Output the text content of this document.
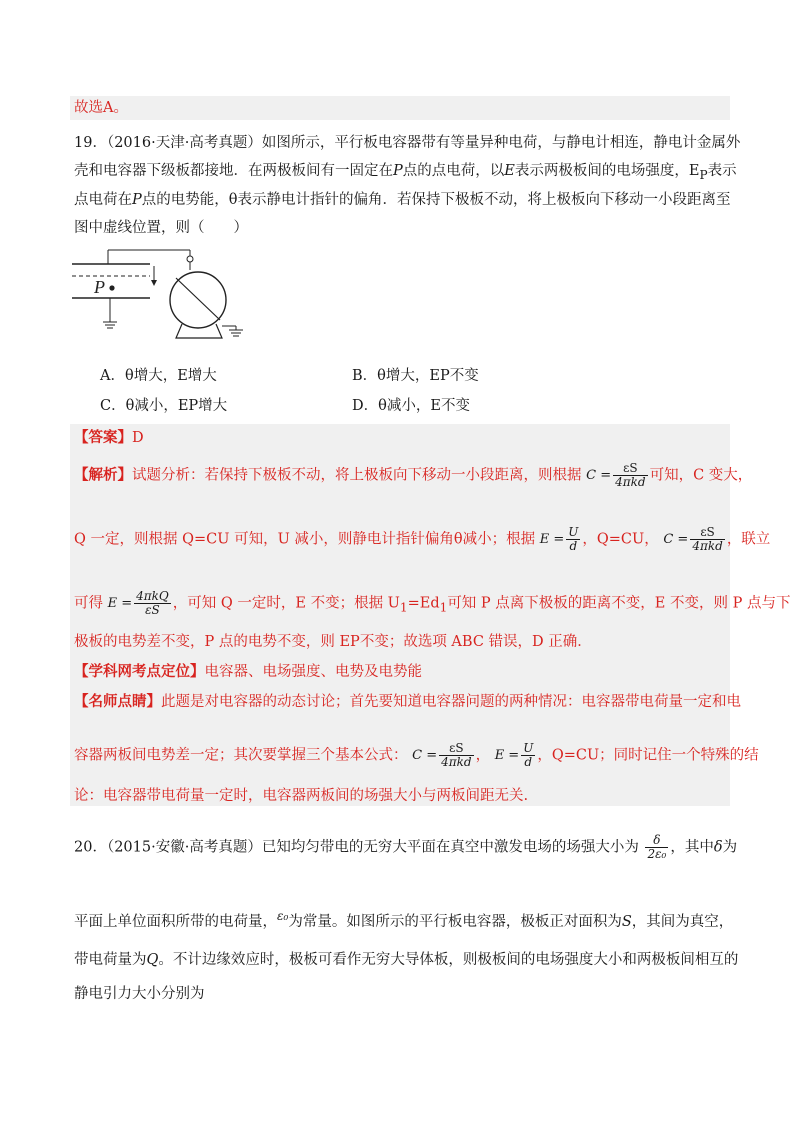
故选A。
19．（2016·天津·高考真题）如图所示，平行板电容器带有等量异种电荷，与静电计相连，静电计金属外
壳和电容器下级板都接地．在两极板间有一固定在P点的点电荷，以E表示两极板间的电场强度，$E_P$表示
点电荷在P点的电势能，θ表示静电计指针的偏角．若保持下极板不动，将上极板向下移动一小段距离至
图中虚线位置，则（　　）
P
A．θ增大，E增大	B．θ增大，EP不变
C．θ减小，EP增大	D．θ减小，E不变
【答案】D
【解析】试题分析：若保持下极板不动，将上极板向下移动一小段距离，则根据 $C = \frac{\varepsilon S}{\text{4πkd}}$ 可知，C 变大，
Q 一定，则根据 Q=CU 可知，U 减小，则静电计指针偏角θ减小；根据 $E = \frac{U}{d}$ ，Q=CU， $C = \frac{\varepsilon S}{\text{4πkd}}$ ，联立
可得 $E = \frac{\text{4πkQ}}{\varepsilon S}$ ，可知 Q 一定时，E 不变；根据 $U_1=Ed_1$可知 P 点离下极板的距离不变，E 不变，则 P 点与下
极板的电势差不变，P 点的电势不变，则 EP不变；故选项 ABC 错误，D 正确．
【学科网考点定位】电容器、电场强度、电势及电势能
【名师点睛】此题是对电容器的动态讨论；首先要知道电容器问题的两种情况：电容器带电荷量一定和电
容器两板间电势差一定；其次要掌握三个基本公式： $C = \frac{\varepsilon S}{\text{4πkd}}$ ， $E = \frac{U}{d}$ ，Q=CU；同时记住一个特殊的结
论：电容器带电荷量一定时，电容器两板间的场强大小与两板间距无关.
20．（2015·安徽·高考真题）已知均匀带电的无穷大平面在真空中激发电场的场强大小为 $\frac{\delta}{\text{2ε₀}}$ ，其中δ为
平面上单位面积所带的电荷量，$^{\varepsilon_0}$为常量。如图所示的平行板电容器，极板正对面积为S，其间为真空，
带电荷量为Q。不计边缘效应时，极板可看作无穷大导体板，则极板间的电场强度大小和两极板间相互的
静电引力大小分别为
